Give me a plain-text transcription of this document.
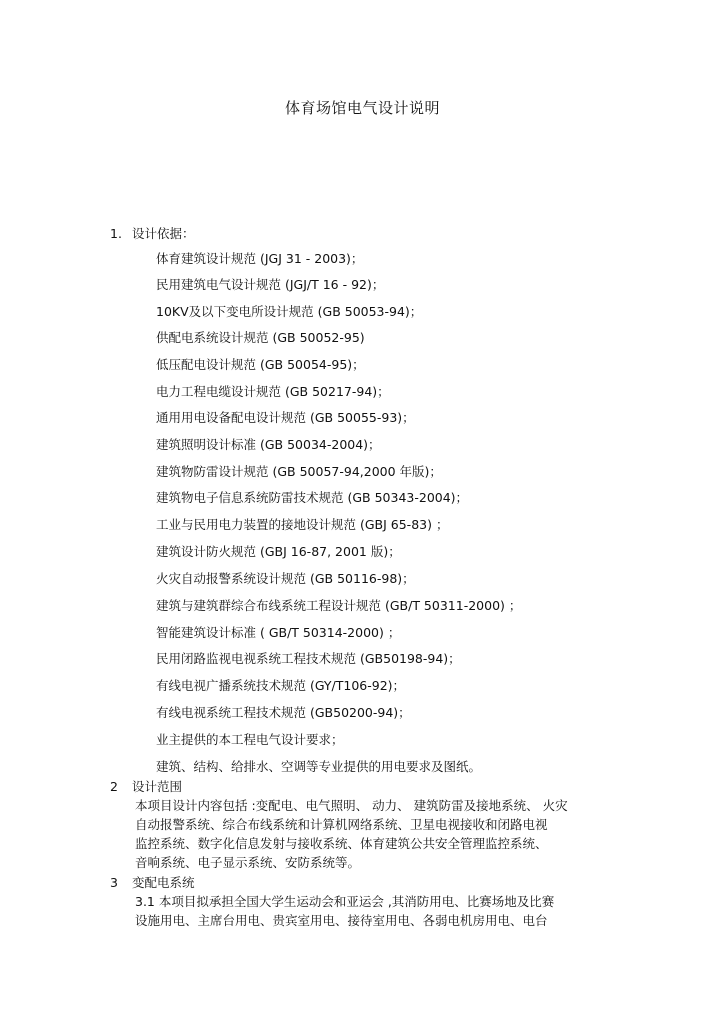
体育场馆电气设计说明
1. 设计依据：
体育建筑设计规范 (JGJ 31 - 2003)；
民用建筑电气设计规范 (JGJ/T 16 - 92)；
10KV及以下变电所设计规范 (GB 50053-94)；
供配电系统设计规范 (GB 50052-95)
低压配电设计规范 (GB 50054-95)；
电力工程电缆设计规范 (GB 50217-94)；
通用用电设备配电设计规范 (GB 50055-93)；
建筑照明设计标准 (GB 50034-2004)；
建筑物防雷设计规范 (GB 50057-94,2000 年版)；
建筑物电子信息系统防雷技术规范 (GB 50343-2004)；
工业与民用电力装置的接地设计规范 (GBJ 65-83) ；
建筑设计防火规范 (GBJ 16-87, 2001 版)；
火灾自动报警系统设计规范 (GB 50116-98)；
建筑与建筑群综合布线系统工程设计规范 (GB/T 50311-2000) ；
智能建筑设计标准 ( GB/T 50314-2000) ；
民用闭路监视电视系统工程技术规范 (GB50198-94)；
有线电视广播系统技术规范 (GY/T106-92)；
有线电视系统工程技术规范 (GB50200-94)；
业主提供的本工程电气设计要求；
建筑、结构、给排水、空调等专业提供的用电要求及图纸。
2 设计范围
本项目设计内容包括 :变配电、电气照明、 动力、 建筑防雷及接地系统、 火灾
自动报警系统、综合布线系统和计算机网络系统、卫星电视接收和闭路电视
监控系统、数字化信息发射与接收系统、体育建筑公共安全管理监控系统、
音响系统、电子显示系统、安防系统等。
3 变配电系统
3.1 本项目拟承担全国大学生运动会和亚运会 ,其消防用电、比赛场地及比赛
设施用电、主席台用电、贵宾室用电、接待室用电、各弱电机房用电、电台
